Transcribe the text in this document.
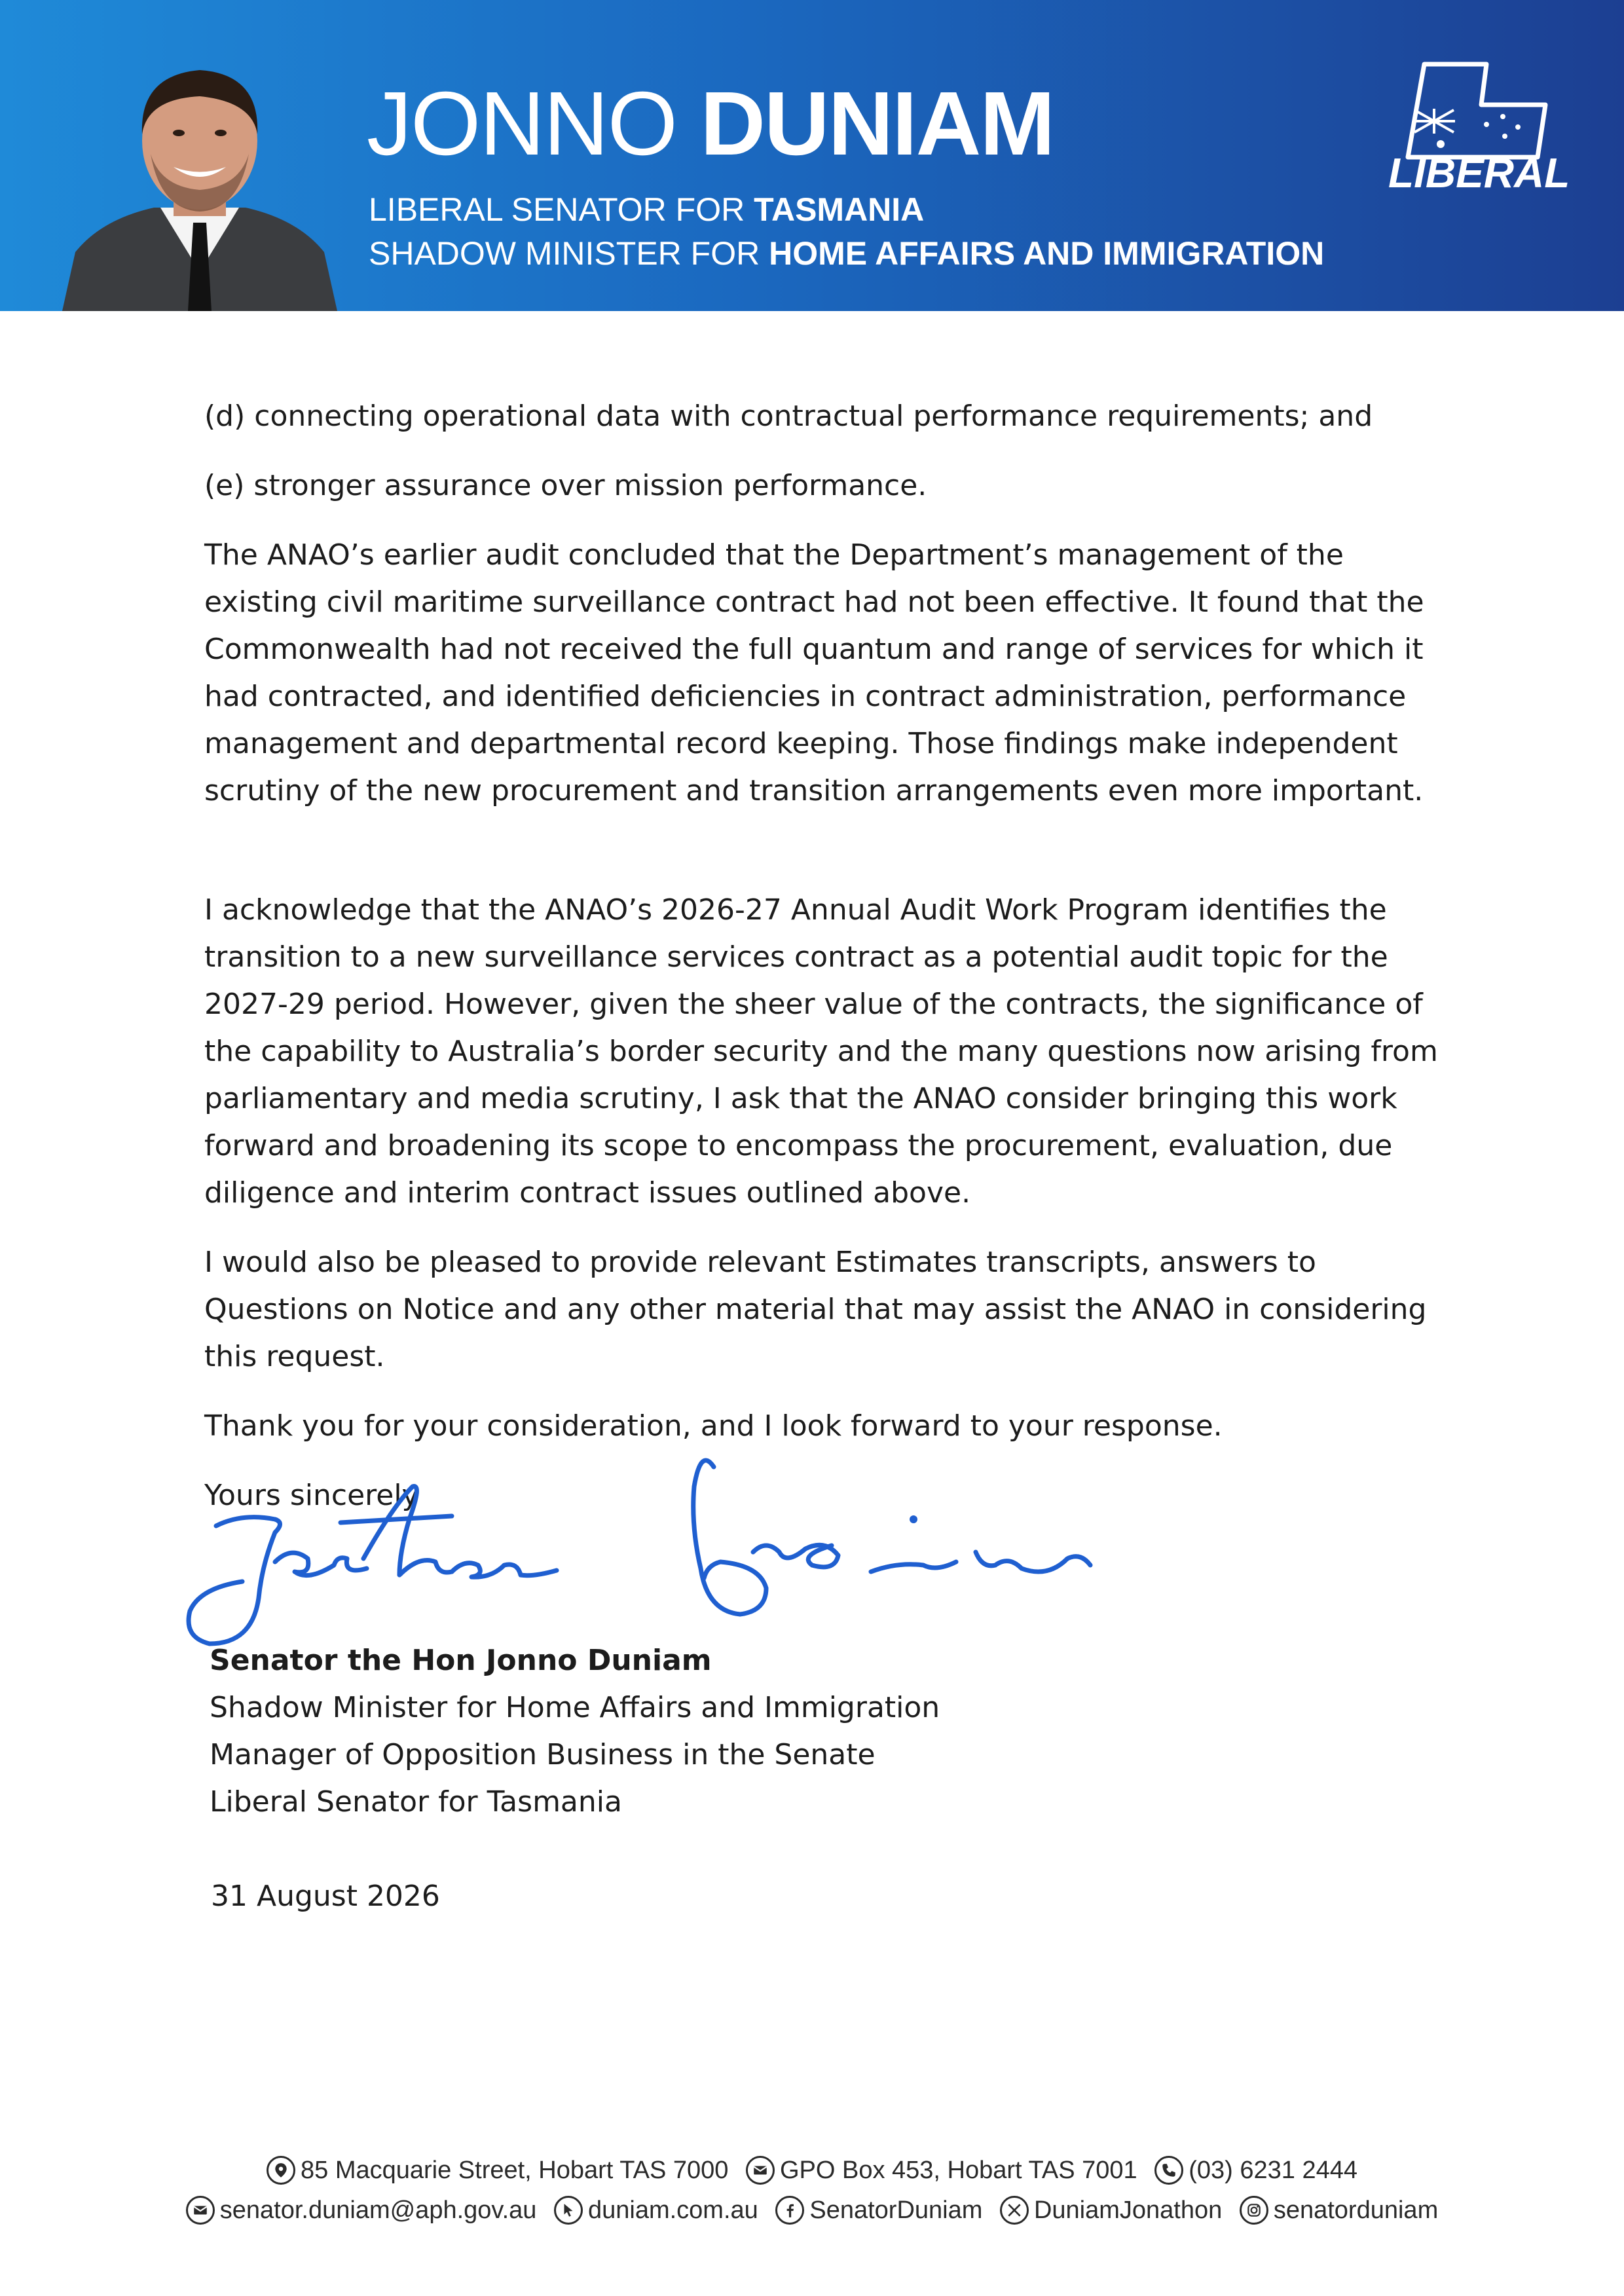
JONNO DUNIAM

LIBERAL SENATOR FOR TASMANIA

SHADOW MINISTER FOR HOME AFFAIRS AND IMMIGRATION

LIBERAL

(d) connecting operational data with contractual performance requirements; and

(e) stronger assurance over mission performance.

The ANAO’s earlier audit concluded that the Department’s management of the existing civil maritime surveillance contract had not been effective. It found that the Commonwealth had not received the full quantum and range of services for which it had contracted, and identified deficiencies in contract administration, performance management and departmental record keeping. Those findings make independent scrutiny of the new procurement and transition arrangements even more important.

I acknowledge that the ANAO’s 2026-27 Annual Audit Work Program identifies the transition to a new surveillance services contract as a potential audit topic for the 2027-29 period. However, given the sheer value of the contracts, the significance of the capability to Australia’s border security and the many questions now arising from parliamentary and media scrutiny, I ask that the ANAO consider bringing this work forward and broadening its scope to encompass the procurement, evaluation, due diligence and interim contract issues outlined above.

I would also be pleased to provide relevant Estimates transcripts, answers to Questions on Notice and any other material that may assist the ANAO in considering this request.

Thank you for your consideration, and I look forward to your response.

Yours sincerely

Senator the Hon Jonno Duniam
Shadow Minister for Home Affairs and Immigration
Manager of Opposition Business in the Senate
Liberal Senator for Tasmania
31 August 2026
85 Macquarie Street, Hobart TAS 7000
GPO Box 453, Hobart TAS 7001
(03) 6231 2444
senator.duniam@aph.gov.au
duniam.com.au
SenatorDuniam
DuniamJonathon
senatorduniam
